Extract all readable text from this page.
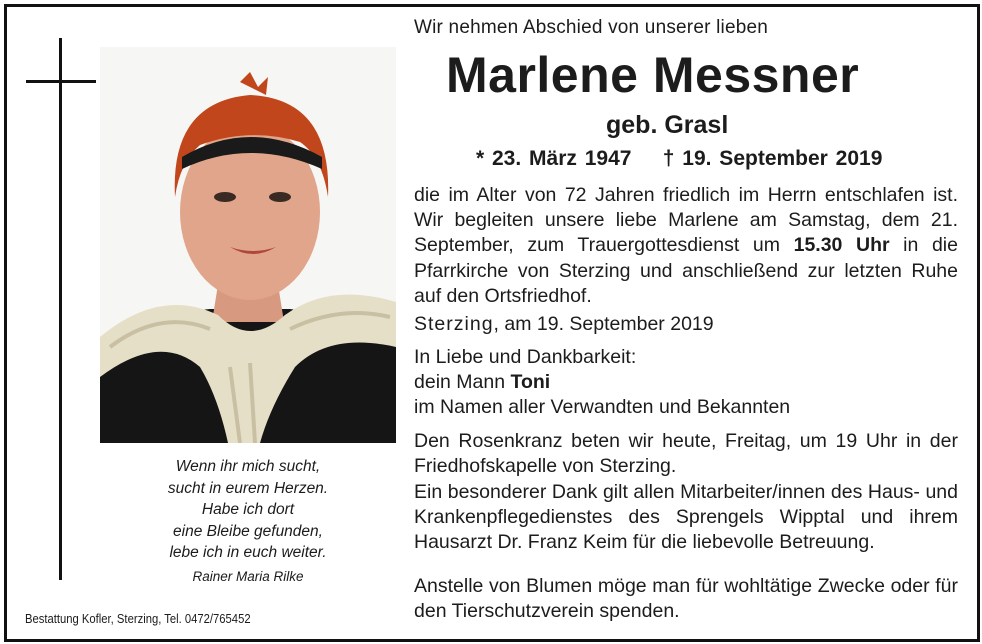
Wenn ihr mich sucht,
sucht in eurem Herzen.
Habe ich dort
eine Bleibe gefunden,
lebe ich in euch weiter.
Rainer Maria Rilke
Bestattung Kofler, Sterzing, Tel. 0472/765452
Wir nehmen Abschied von unserer lieben
Marlene Messner
geb. Grasl
* 23. März 1947    † 19. September 2019
die im Alter von 72 Jahren friedlich im Herrn entschlafen ist. Wir begleiten unsere liebe Marlene am Samstag, dem 21. September, zum Trauergottesdienst um 15.30 Uhr in die Pfarrkirche von Sterzing und anschließend zur letzten Ruhe auf den Ortsfriedhof.
Sterzing, am 19. September 2019
In Liebe und Dankbarkeit:
dein Mann Toni
im Namen aller Verwandten und Bekannten
Den Rosenkranz beten wir heute, Freitag, um 19 Uhr in der Friedhofskapelle von Sterzing.
Ein besonderer Dank gilt allen Mitarbeiter/innen des Haus- und Krankenpflegedienstes des Sprengels Wipptal und ihrem Hausarzt Dr. Franz Keim für die liebevolle Betreuung.
Anstelle von Blumen möge man für wohltätige Zwecke oder für den Tierschutzverein spenden.
